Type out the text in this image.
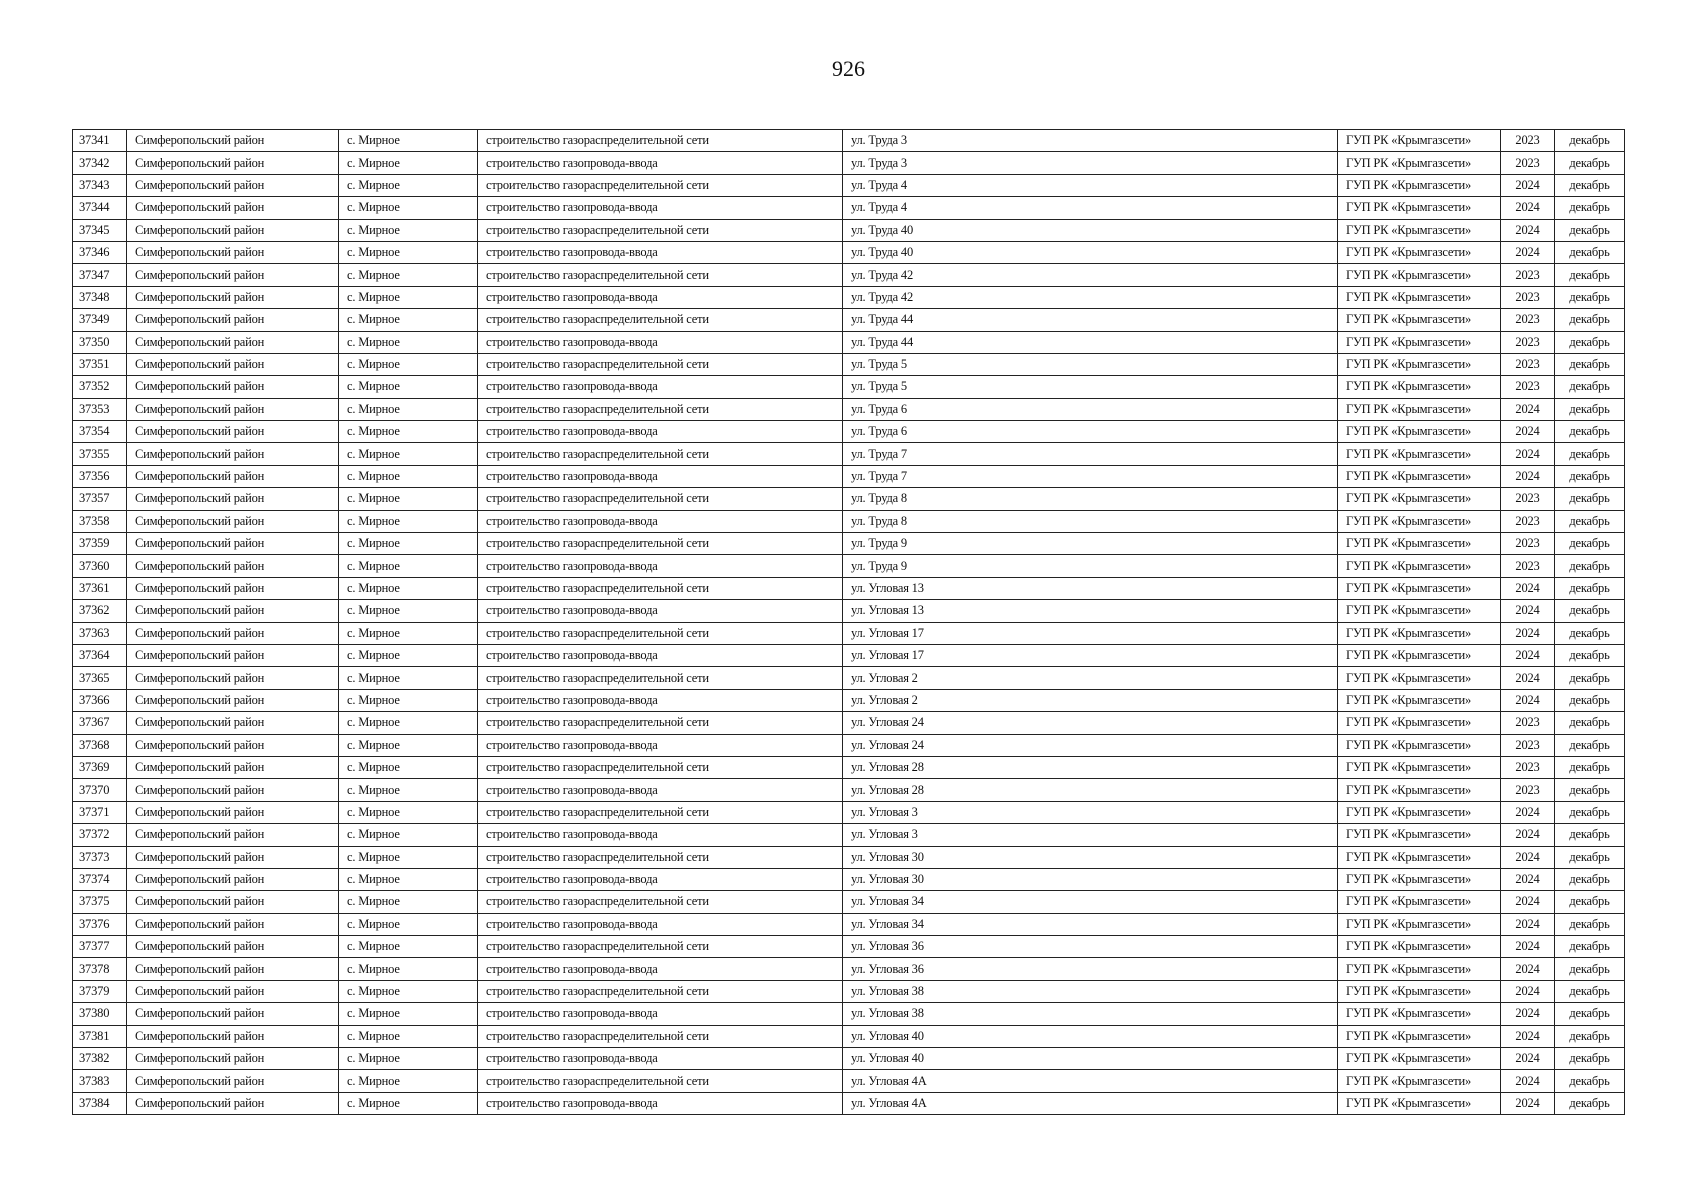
926
37341	Симферопольский район	с. Мирное	строительство газораспределительной сети	ул. Труда 3	ГУП РК «Крымгазсети»	2023	декабрь
37342	Симферопольский район	с. Мирное	строительство газопровода-ввода	ул. Труда 3	ГУП РК «Крымгазсети»	2023	декабрь
37343	Симферопольский район	с. Мирное	строительство газораспределительной сети	ул. Труда 4	ГУП РК «Крымгазсети»	2024	декабрь
37344	Симферопольский район	с. Мирное	строительство газопровода-ввода	ул. Труда 4	ГУП РК «Крымгазсети»	2024	декабрь
37345	Симферопольский район	с. Мирное	строительство газораспределительной сети	ул. Труда 40	ГУП РК «Крымгазсети»	2024	декабрь
37346	Симферопольский район	с. Мирное	строительство газопровода-ввода	ул. Труда 40	ГУП РК «Крымгазсети»	2024	декабрь
37347	Симферопольский район	с. Мирное	строительство газораспределительной сети	ул. Труда 42	ГУП РК «Крымгазсети»	2023	декабрь
37348	Симферопольский район	с. Мирное	строительство газопровода-ввода	ул. Труда 42	ГУП РК «Крымгазсети»	2023	декабрь
37349	Симферопольский район	с. Мирное	строительство газораспределительной сети	ул. Труда 44	ГУП РК «Крымгазсети»	2023	декабрь
37350	Симферопольский район	с. Мирное	строительство газопровода-ввода	ул. Труда 44	ГУП РК «Крымгазсети»	2023	декабрь
37351	Симферопольский район	с. Мирное	строительство газораспределительной сети	ул. Труда 5	ГУП РК «Крымгазсети»	2023	декабрь
37352	Симферопольский район	с. Мирное	строительство газопровода-ввода	ул. Труда 5	ГУП РК «Крымгазсети»	2023	декабрь
37353	Симферопольский район	с. Мирное	строительство газораспределительной сети	ул. Труда 6	ГУП РК «Крымгазсети»	2024	декабрь
37354	Симферопольский район	с. Мирное	строительство газопровода-ввода	ул. Труда 6	ГУП РК «Крымгазсети»	2024	декабрь
37355	Симферопольский район	с. Мирное	строительство газораспределительной сети	ул. Труда 7	ГУП РК «Крымгазсети»	2024	декабрь
37356	Симферопольский район	с. Мирное	строительство газопровода-ввода	ул. Труда 7	ГУП РК «Крымгазсети»	2024	декабрь
37357	Симферопольский район	с. Мирное	строительство газораспределительной сети	ул. Труда 8	ГУП РК «Крымгазсети»	2023	декабрь
37358	Симферопольский район	с. Мирное	строительство газопровода-ввода	ул. Труда 8	ГУП РК «Крымгазсети»	2023	декабрь
37359	Симферопольский район	с. Мирное	строительство газораспределительной сети	ул. Труда 9	ГУП РК «Крымгазсети»	2023	декабрь
37360	Симферопольский район	с. Мирное	строительство газопровода-ввода	ул. Труда 9	ГУП РК «Крымгазсети»	2023	декабрь
37361	Симферопольский район	с. Мирное	строительство газораспределительной сети	ул. Угловая 13	ГУП РК «Крымгазсети»	2024	декабрь
37362	Симферопольский район	с. Мирное	строительство газопровода-ввода	ул. Угловая 13	ГУП РК «Крымгазсети»	2024	декабрь
37363	Симферопольский район	с. Мирное	строительство газораспределительной сети	ул. Угловая 17	ГУП РК «Крымгазсети»	2024	декабрь
37364	Симферопольский район	с. Мирное	строительство газопровода-ввода	ул. Угловая 17	ГУП РК «Крымгазсети»	2024	декабрь
37365	Симферопольский район	с. Мирное	строительство газораспределительной сети	ул. Угловая 2	ГУП РК «Крымгазсети»	2024	декабрь
37366	Симферопольский район	с. Мирное	строительство газопровода-ввода	ул. Угловая 2	ГУП РК «Крымгазсети»	2024	декабрь
37367	Симферопольский район	с. Мирное	строительство газораспределительной сети	ул. Угловая 24	ГУП РК «Крымгазсети»	2023	декабрь
37368	Симферопольский район	с. Мирное	строительство газопровода-ввода	ул. Угловая 24	ГУП РК «Крымгазсети»	2023	декабрь
37369	Симферопольский район	с. Мирное	строительство газораспределительной сети	ул. Угловая 28	ГУП РК «Крымгазсети»	2023	декабрь
37370	Симферопольский район	с. Мирное	строительство газопровода-ввода	ул. Угловая 28	ГУП РК «Крымгазсети»	2023	декабрь
37371	Симферопольский район	с. Мирное	строительство газораспределительной сети	ул. Угловая 3	ГУП РК «Крымгазсети»	2024	декабрь
37372	Симферопольский район	с. Мирное	строительство газопровода-ввода	ул. Угловая 3	ГУП РК «Крымгазсети»	2024	декабрь
37373	Симферопольский район	с. Мирное	строительство газораспределительной сети	ул. Угловая 30	ГУП РК «Крымгазсети»	2024	декабрь
37374	Симферопольский район	с. Мирное	строительство газопровода-ввода	ул. Угловая 30	ГУП РК «Крымгазсети»	2024	декабрь
37375	Симферопольский район	с. Мирное	строительство газораспределительной сети	ул. Угловая 34	ГУП РК «Крымгазсети»	2024	декабрь
37376	Симферопольский район	с. Мирное	строительство газопровода-ввода	ул. Угловая 34	ГУП РК «Крымгазсети»	2024	декабрь
37377	Симферопольский район	с. Мирное	строительство газораспределительной сети	ул. Угловая 36	ГУП РК «Крымгазсети»	2024	декабрь
37378	Симферопольский район	с. Мирное	строительство газопровода-ввода	ул. Угловая 36	ГУП РК «Крымгазсети»	2024	декабрь
37379	Симферопольский район	с. Мирное	строительство газораспределительной сети	ул. Угловая 38	ГУП РК «Крымгазсети»	2024	декабрь
37380	Симферопольский район	с. Мирное	строительство газопровода-ввода	ул. Угловая 38	ГУП РК «Крымгазсети»	2024	декабрь
37381	Симферопольский район	с. Мирное	строительство газораспределительной сети	ул. Угловая 40	ГУП РК «Крымгазсети»	2024	декабрь
37382	Симферопольский район	с. Мирное	строительство газопровода-ввода	ул. Угловая 40	ГУП РК «Крымгазсети»	2024	декабрь
37383	Симферопольский район	с. Мирное	строительство газораспределительной сети	ул. Угловая 4А	ГУП РК «Крымгазсети»	2024	декабрь
37384	Симферопольский район	с. Мирное	строительство газопровода-ввода	ул. Угловая 4А	ГУП РК «Крымгазсети»	2024	декабрь
